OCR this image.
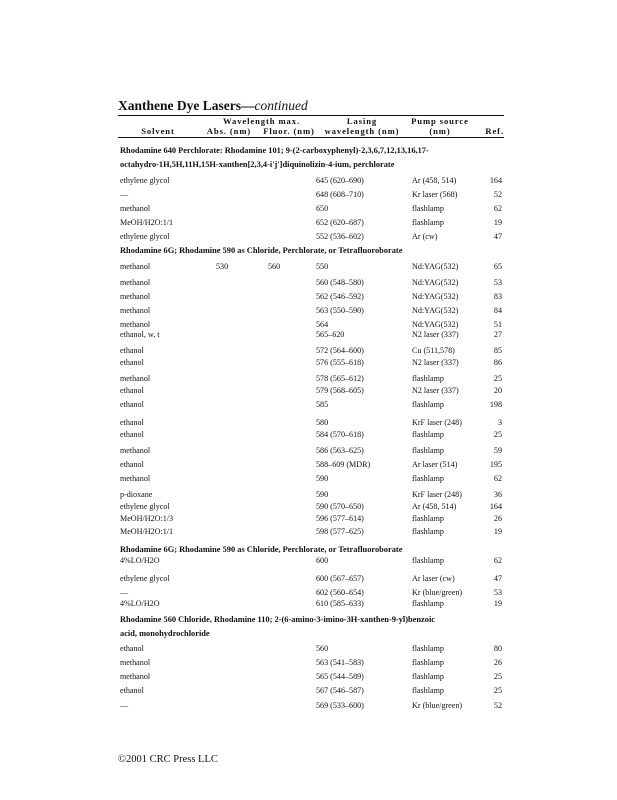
Xanthene Dye Lasers—continued
Wavelength max.	Lasing	Pump source
Solvent	Abs. (nm)	Fluor. (nm)	wavelength (nm)	(nm)	Ref.
Rhodamine 640 Perchlorate: Rhodamine 101; 9-(2-carboxyphenyl)-2,3,6,7,12,13,16,17-
octahydro-1H,5H,11H,15H-xanthen[2,3,4-i'j']diquinolizin-4-ium, perchlorate
Rhodamine 6G; Rhodamine 590 as Chloride, Perchlorate, or Tetrafluoroborate
Rhodamine 6G; Rhodamine 590 as Chloride, Perchlorate, or Tetrafluoroborate
Rhodamine 560 Chloride, Rhodamine 110; 2-(6-amino-3-imino-3H-xanthen-9-yl)benzoic
acid, monohydrochloride
ethylene glycol	645 (620–690)	Ar (458, 514)	164
—	648 (608–710)	Kr laser (568)	52
methanol	650	flashlamp	62
MeOH/H2O:1/1	652 (620–687)	flashlamp	19
ethylene glycol	552 (536–602)	Ar (cw)	47
methanol	530	560	550	Nd:YAG(532)	65
methanol	560 (548–580)	Nd:YAG(532)	53
methanol	562 (546–592)	Nd:YAG(532)	83
methanol	563 (550–590)	Nd:YAG(532)	84
methanol	564	Nd:YAG(532)	51
ethanol, w, t	565–620	N2 laser (337)	27
ethanol	572 (564–600)	Cu (511,578)	85
ethanol	576 (555–618)	N2 laser (337)	86
methanol	578 (565–612)	flashlamp	25
ethanol	579 (568–605)	N2 laser (337)	20
ethanol	585	flashlamp	198
ethanol	580	KrF laser (248)	3
ethanol	584 (570–618)	flashlamp	25
methanol	586 (563–625)	flashlamp	59
ethanol	588–609 (MDR)	Ar laser (514)	195
methanol	590	flashlamp	62
p-dioxane	590	KrF laser (248)	36
ethylene glycol	590 (570–650)	Ar (458, 514)	164
MeOH/H2O:1/3	596 (577–614)	flashlamp	26
MeOH/H2O:1/1	598 (577–625)	flashlamp	19
4%LO/H2O	600	flashlamp	62
ethylene glycol	600 (567–657)	Ar laser (cw)	47
—	602 (560–654)	Kr (blue/green)	53
4%LO/H2O	610 (585–633)	flashlamp	19
ethanol	560	flashlamp	80
methanol	563 (541–583)	flashlamp	26
methanol	565 (544–589)	flashlamp	25
ethanol	567 (546–587)	flashlamp	25
—	569 (533–600)	Kr (blue/green)	52
©2001 CRC Press LLC
